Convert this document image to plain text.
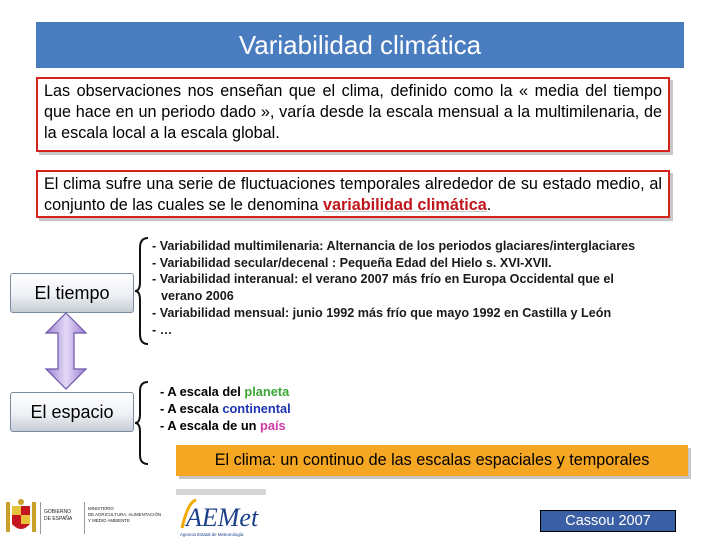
Variabilidad climática
Las observaciones nos enseñan que el clima, definido como la « media del tiempo que hace en un periodo dado », varía desde la escala mensual a la multimilenaria, de la escala local a la escala global.
El clima sufre una serie de fluctuaciones temporales alrededor de su estado medio, al conjunto de las cuales se le denomina variabilidad climática.
El tiempo
El espacio
- Variabilidad multimilenaria: Alternancia de los periodos glaciares/interglaciares
- Variabilidad secular/decenal : Pequeña Edad del Hielo s. XVI-XVII.
- Variabilidad interanual: el verano 2007 más frío en Europa Occidental que el
verano 2006
- Variabilidad mensual: junio 1992 más frío que mayo 1992 en Castilla y León
- …
- A escala del planeta
- A escala continental
- A escala de un país
El clima: un continuo de las escalas espaciales y temporales
GOBIERNO
DE ESPAÑA
MINISTERIO
DE AGRICULTURA, ALIMENTACIÓN
Y MEDIO AMBIENTE AEMet
Agencia Estatal de Meteorología
Cassou 2007
